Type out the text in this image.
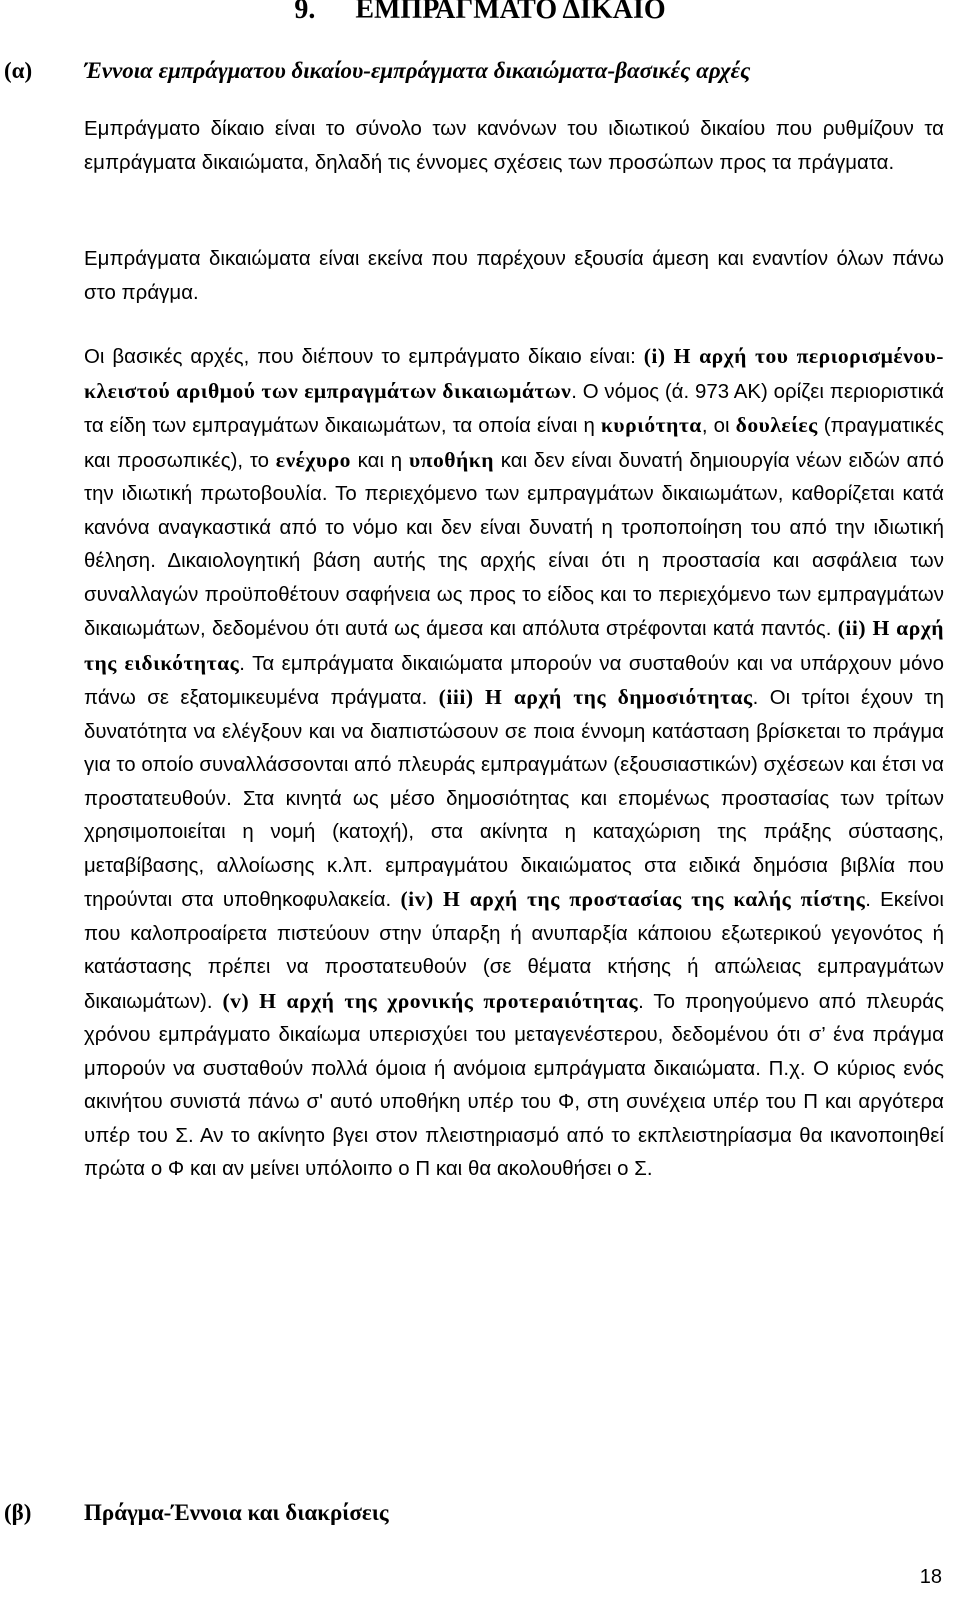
9. ΕΜΠΡΑΓΜΑΤΟ ΔΙΚΑΙΟ
(α) Έννοια εμπράγματου δικαίου-εμπράγματα δικαιώματα-βασικές αρχές
Εμπράγματο δίκαιο είναι το σύνολο των κανόνων του ιδιωτικού δικαίου που ρυθμίζουν τα εμπράγματα δικαιώματα, δηλαδή τις έννομες σχέσεις των προσώπων προς τα πράγματα.
Εμπράγματα δικαιώματα είναι εκείνα που παρέχουν εξουσία άμεση και εναντίον όλων πάνω στο πράγμα.
Οι βασικές αρχές, που διέπουν το εμπράγματο δίκαιο είναι: (i) Η αρχή του περιορισμένου-κλειστού αριθμού των εμπραγμάτων δικαιωμάτων. Ο νόμος (ά. 973 ΑΚ) ορίζει περιοριστικά τα είδη των εμπραγμάτων δικαιωμάτων, τα οποία είναι η κυριότητα, οι δουλείες (πραγματικές και προσωπικές), το ενέχυρο και η υποθήκη και δεν είναι δυνατή δημιουργία νέων ειδών από την ιδιωτική πρωτοβουλία. Το περιεχόμενο των εμπραγμάτων δικαιωμάτων, καθορίζεται κατά κανόνα αναγκαστικά από το νόμο και δεν είναι δυνατή η τροποποίηση του από την ιδιωτική θέληση. Δικαιολογητική βάση αυτής της αρχής είναι ότι η προστασία και ασφάλεια των συναλλαγών προϋποθέτουν σαφήνεια ως προς το είδος και το περιεχόμενο των εμπραγμάτων δικαιωμάτων, δεδομένου ότι αυτά ως άμεσα και απόλυτα στρέφονται κατά παντός. (ii) Η αρχή της ειδικότητας. Τα εμπράγματα δικαιώματα μπορούν να συσταθούν και να υπάρχουν μόνο πάνω σε εξατομικευμένα πράγματα. (iii) Η αρχή της δημοσιότητας. Οι τρίτοι έχουν τη δυνατότητα να ελέγξουν και να διαπιστώσουν σε ποια έννομη κατάσταση βρίσκεται το πράγμα για το οποίο συναλλάσσονται από πλευράς εμπραγμάτων (εξουσιαστικών) σχέσεων και έτσι να προστατευθούν. Στα κινητά ως μέσο δημοσιότητας και επομένως προστασίας των τρίτων χρησιμοποιείται η νομή (κατοχή), στα ακίνητα η καταχώριση της πράξης σύστασης, μεταβίβασης, αλλοίωσης κ.λπ. εμπραγμάτου δικαιώματος στα ειδικά δημόσια βιβλία που τηρούνται στα υποθηκοφυλακεία. (iv) Η αρχή της προστασίας της καλής πίστης. Εκείνοι που καλοπροαίρετα πιστεύουν στην ύπαρξη ή ανυπαρξία κάποιου εξωτερικού γεγονότος ή κατάστασης πρέπει να προστατευθούν (σε θέματα κτήσης ή απώλειας εμπραγμάτων δικαιωμάτων). (v) Η αρχή της χρονικής προτεραιότητας. Το προηγούμενο από πλευράς χρόνου εμπράγματο δικαίωμα υπερισχύει του μεταγενέστερου, δεδομένου ότι σ’ ένα πράγμα μπορούν να συσταθούν πολλά όμοια ή ανόμοια εμπράγματα δικαιώματα. Π.χ. Ο κύριος ενός ακινήτου συνιστά πάνω σ' αυτό υποθήκη υπέρ του Φ, στη συνέχεια υπέρ του Π και αργότερα υπέρ του Σ. Αν το ακίνητο βγει στον πλειστηριασμό από το εκπλειστηρίασμα θα ικανοποιηθεί πρώτα ο Φ και αν μείνει υπόλοιπο ο Π και θα ακολουθήσει ο Σ.
(β) Πράγμα-Έννοια και διακρίσεις
18
